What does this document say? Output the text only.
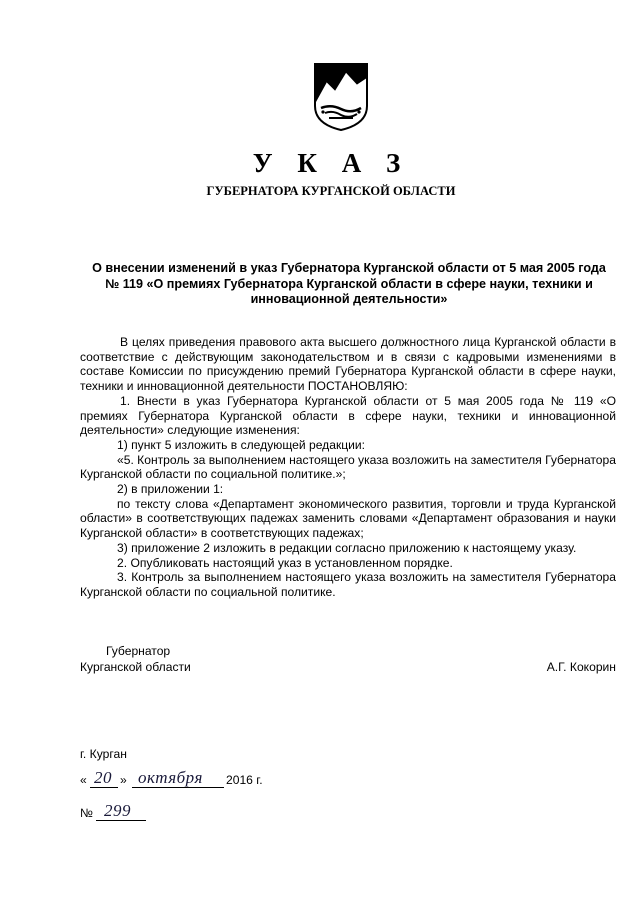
У К А З
ГУБЕРНАТОРА КУРГАНСКОЙ ОБЛАСТИ
О внесении изменений в указ Губернатора Курганской области от 5 мая 2005 года
№ 119 «О премиях Губернатора Курганской области в сфере науки, техники и
инновационной деятельности»

В целях приведения правового акта высшего должностного лица Курганской области в соответствие с действующим законодательством и в связи с кадровыми изменениями в составе Комиссии по присуждению премий Губернатора Курганской области в сфере науки, техники и инновационной деятельности ПОСТАНОВЛЯЮ:

1. Внести в указ Губернатора Курганской области от 5 мая 2005 года № 119 «О премиях Губернатора Курганской области в сфере науки, техники и инновационной деятельности» следующие изменения:

1) пункт 5 изложить в следующей редакции:

«5. Контроль за выполнением настоящего указа возложить на заместителя Губернатора Курганской области по социальной политике.»;

2) в приложении 1:

по тексту слова «Департамент экономического развития, торговли и труда Курганской области» в соответствующих падежах заменить словами «Департамент образования и науки Курганской области» в соответствующих падежах;

3) приложение 2 изложить в редакции согласно приложению к настоящему указу.

2. Опубликовать настоящий указ в установленном порядке.

3. Контроль за выполнением настоящего указа возложить на заместителя Губернатора Курганской области по социальной политике.

Губернатор
Курганской области	А.Г. Кокорин
г. Курган
« 20 » октября 2016 г.
№ 299
